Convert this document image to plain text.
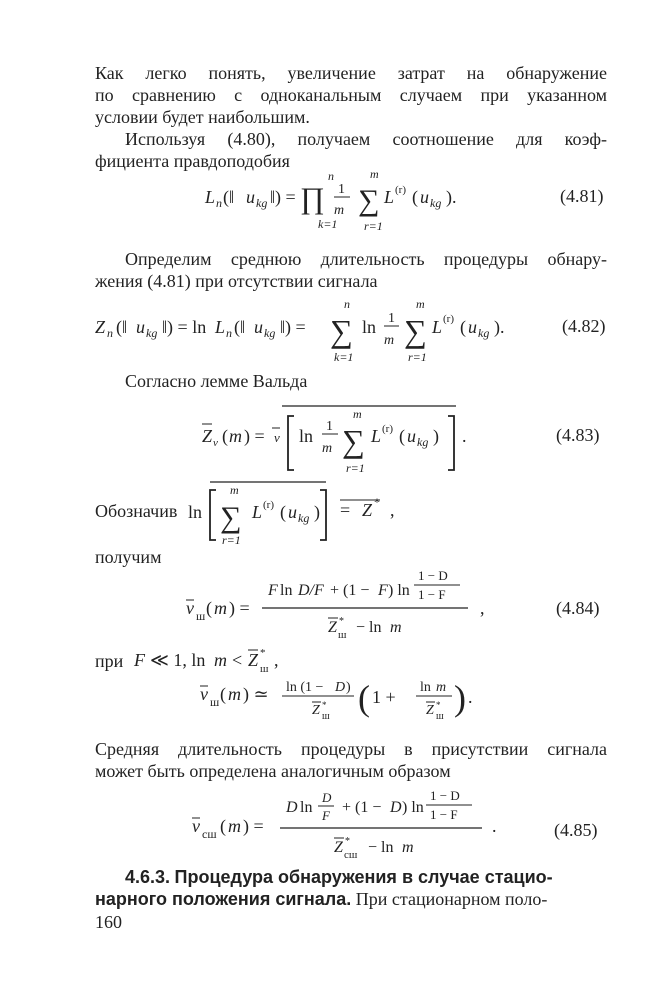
Как легко понять, увеличение затрат на обнаружение
по сравнению с одноканальным случаем при указанном
условии будет наибольшим.
Используя (4.80), получаем соотношение для коэф-
фициента правдоподобия
L n (‖ u kg ‖) = ∏
n
k=1
1
m ∑
m
r=1
L (r) ( u kg ).	(4.81)
Определим среднюю длительность процедуры обнару-
жения (4.81) при отсутствии сигнала
Z n (‖ u kg ‖) = ln L n (‖ u kg ‖) = ∑
n
k=1
ln 1
m ∑
m
r=1
L (r) ( u kg ).	(4.82)
Согласно лемме Вальда
Z ν ( m ) = ν ln 1
m ∑
m
r=1
L (r) ( u kg ) .	(4.83)
Обозначив ln ∑
m
r=1
L (r) ( u kg ) = Z * ,
получим
ν ш ( m ) =
F ln D/F + (1 − F ) ln
1 − D
1 − F
Z *
ш − ln m
,	(4.84)
при F ≪ 1, ln m < Z *
ш ,
ν ш ( m ) ≃ ln (1 − D )
Z *
ш ( 1 + ln m
Z *
ш ) .
Средняя длительность процедуры в присутствии сигнала
может быть определена аналогичным образом
ν сш ( m ) =
D ln
D
F + (1 − D ) ln
1 − D
1 − F
Z *
сш − ln m
.	(4.85)
4.6.3. Процедура обнаружения в случае стацио-
нарного положения сигнала. При стационарном поло-
160
